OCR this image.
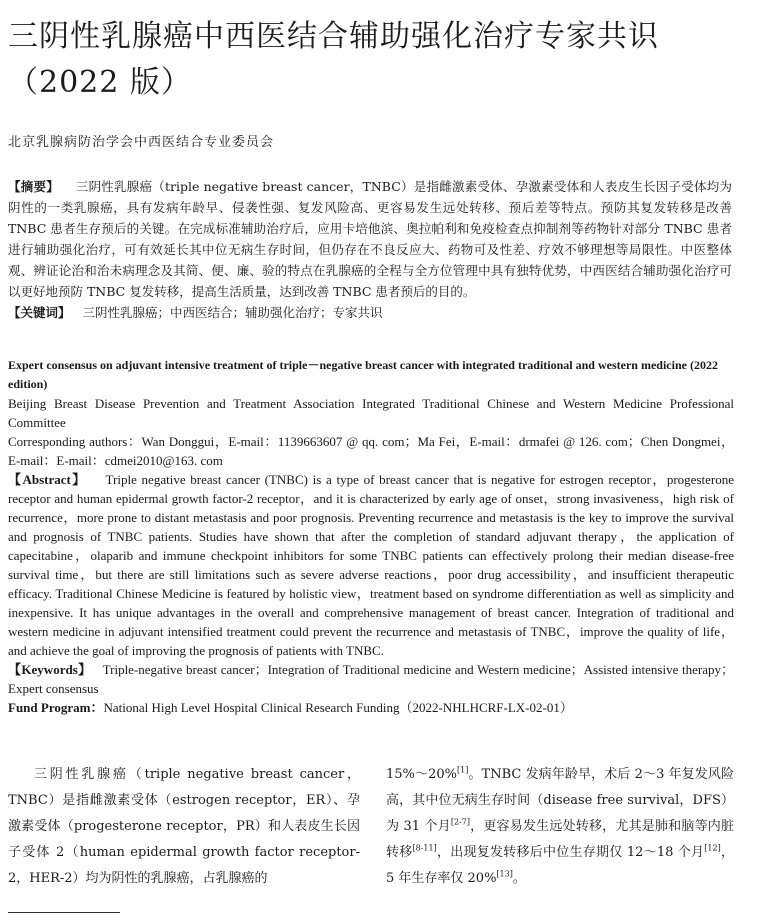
三阴性乳腺癌中西医结合辅助强化治疗专家共识（2022 版）
北京乳腺病防治学会中西医结合专业委员会

【摘要】 三阴性乳腺癌（triple negative breast cancer，TNBC）是指雌激素受体、孕激素受体和人表皮生长因子受体均为阴性的一类乳腺癌，具有发病年龄早、侵袭性强、复发风险高、更容易发生远处转移、预后差等特点。预防其复发转移是改善 TNBC 患者生存预后的关键。在完成标准辅助治疗后，应用卡培他滨、奥拉帕利和免疫检查点抑制剂等药物针对部分 TNBC 患者进行辅助强化治疗，可有效延长其中位无病生存时间，但仍存在不良反应大、药物可及性差、疗效不够理想等局限性。中医整体观、辨证论治和治未病理念及其简、便、廉、验的特点在乳腺癌的全程与全方位管理中具有独特优势，中西医结合辅助强化治疗可以更好地预防 TNBC 复发转移，提高生活质量，达到改善 TNBC 患者预后的目的。

【关键词】 三阴性乳腺癌；中西医结合；辅助强化治疗；专家共识
Expert consensus on adjuvant intensive treatment of triple－negative breast cancer with integrated traditional and western medicine (2022 edition)

Beijing Breast Disease Prevention and Treatment Association Integrated Traditional Chinese and Western Medicine Professional Committee

Corresponding authors：Wan Donggui，E-mail：1139663607 @ qq. com；Ma Fei，E-mail：drmafei @ 126. com；Chen Dongmei，E-mail：E-mail：cdmei2010@163. com

【Abstract】 Triple negative breast cancer (TNBC) is a type of breast cancer that is negative for estrogen receptor，progesterone receptor and human epidermal growth factor-2 receptor，and it is characterized by early age of onset，strong invasiveness，high risk of recurrence，more prone to distant metastasis and poor prognosis. Preventing recurrence and metastasis is the key to improve the survival and prognosis of TNBC patients. Studies have shown that after the completion of standard adjuvant therapy，the application of capecitabine，olaparib and immune checkpoint inhibitors for some TNBC patients can effectively prolong their median disease-free survival time，but there are still limitations such as severe adverse reactions，poor drug accessibility，and insufficient therapeutic efficacy. Traditional Chinese Medicine is featured by holistic view，treatment based on syndrome differentiation as well as simplicity and inexpensive. It has unique advantages in the overall and comprehensive management of breast cancer. Integration of traditional and western medicine in adjuvant intensified treatment could prevent the recurrence and metastasis of TNBC，improve the quality of life，and achieve the goal of improving the prognosis of patients with TNBC.

【Keywords】 Triple-negative breast cancer；Integration of Traditional medicine and Western medicine；Assisted intensive therapy；Expert consensus

Fund Program：National High Level Hospital Clinical Research Funding（2022-NHLHCRF-LX-02-01）

三阴性乳腺癌（triple negative breast cancer，TNBC）是指雌激素受体（estrogen receptor，ER）、孕激素受体（progesterone receptor，PR）和人表皮生长因子受体 2（human epidermal growth factor receptor-2，HER-2）均为阴性的乳腺癌，占乳腺癌的

15%～20%[1]。TNBC 发病年龄早，术后 2～3 年复发风险高，其中位无病生存时间（disease free survival，DFS）为 31 个月[2-7]，更容易发生远处转移，尤其是肺和脑等内脏转移[8-11]，出现复发转移后中位生存期仅 12～18 个月[12]，5 年生存率仅 20%[13]。
